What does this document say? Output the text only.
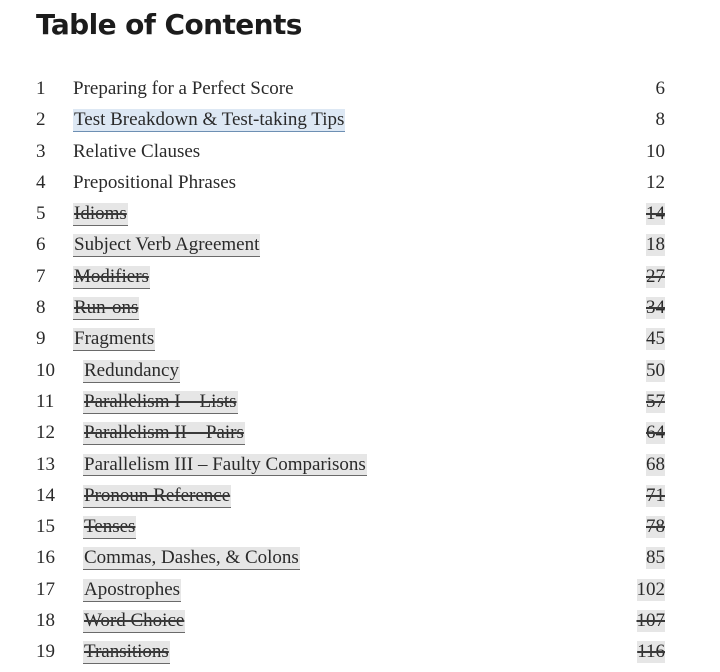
Table of Contents
1 Preparing for a Perfect Score	6
2 Test Breakdown & Test-taking Tips	8
3 Relative Clauses	10
4 Prepositional Phrases	12
5 Idioms	14
6 Subject Verb Agreement	18
7 Modifiers	27
8 Run-ons	34
9 Fragments	45
10 Redundancy	50
11 Parallelism I – Lists	57
12 Parallelism II – Pairs	64
13 Parallelism III – Faulty Comparisons	68
14 Pronoun Reference	71
15 Tenses	78
16 Commas, Dashes, & Colons	85
17 Apostrophes	102
18 Word Choice	107
19 Transitions	116
